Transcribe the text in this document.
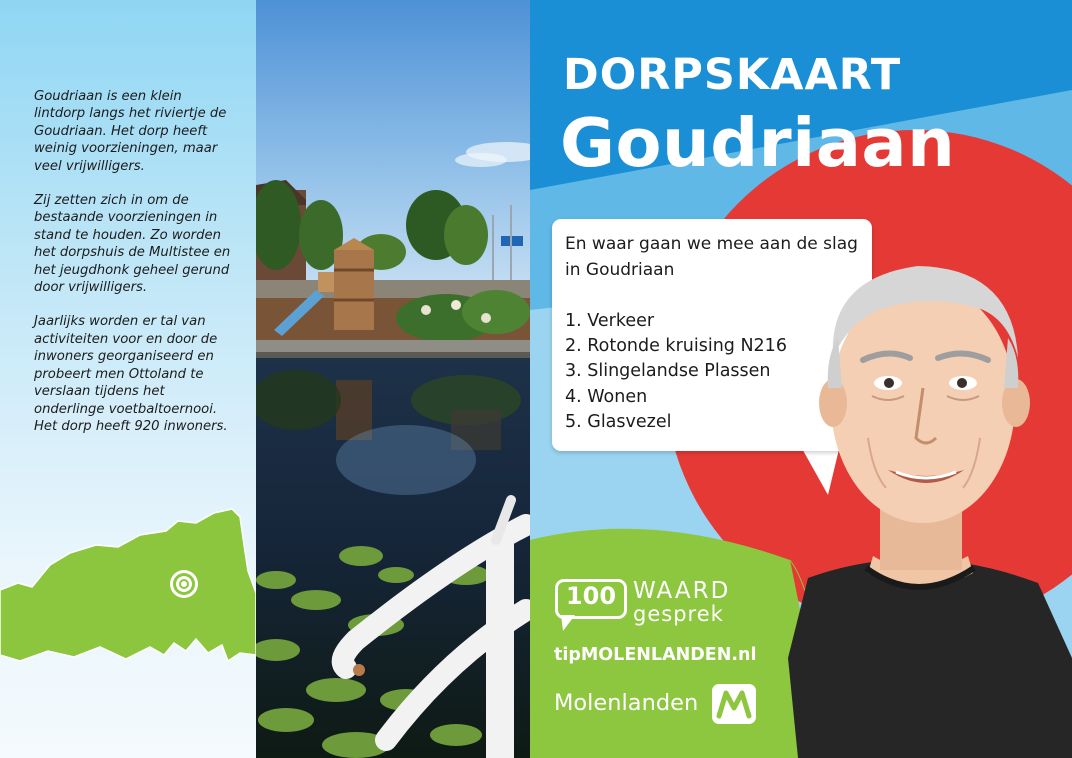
Goudriaan is een klein lintdorp langs het riviertje de Goudriaan. Het dorp heeft weinig voorzieningen, maar veel vrijwilligers.

Zij zetten zich in om de bestaande voorzieningen in stand te houden. Zo worden het dorpshuis de Multistee en het jeugdhonk geheel gerund door vrijwilligers.

Jaarlijks worden er tal van activiteiten voor en door de inwoners georganiseerd en probeert men Ottoland te verslaan tijdens het onderlinge voetbaltoernooi. Het dorp heeft 920 inwoners.

DORPSKAART
Goudriaan

En waar gaan we mee aan de slag in Goudriaan

1. Verkeer
2. Rotonde kruising N216
3. Slingelandse Plassen
4. Wonen
5. Glasvezel
100 WAARD

gesprek

tipMOLENLANDEN.nl

Molenlanden
